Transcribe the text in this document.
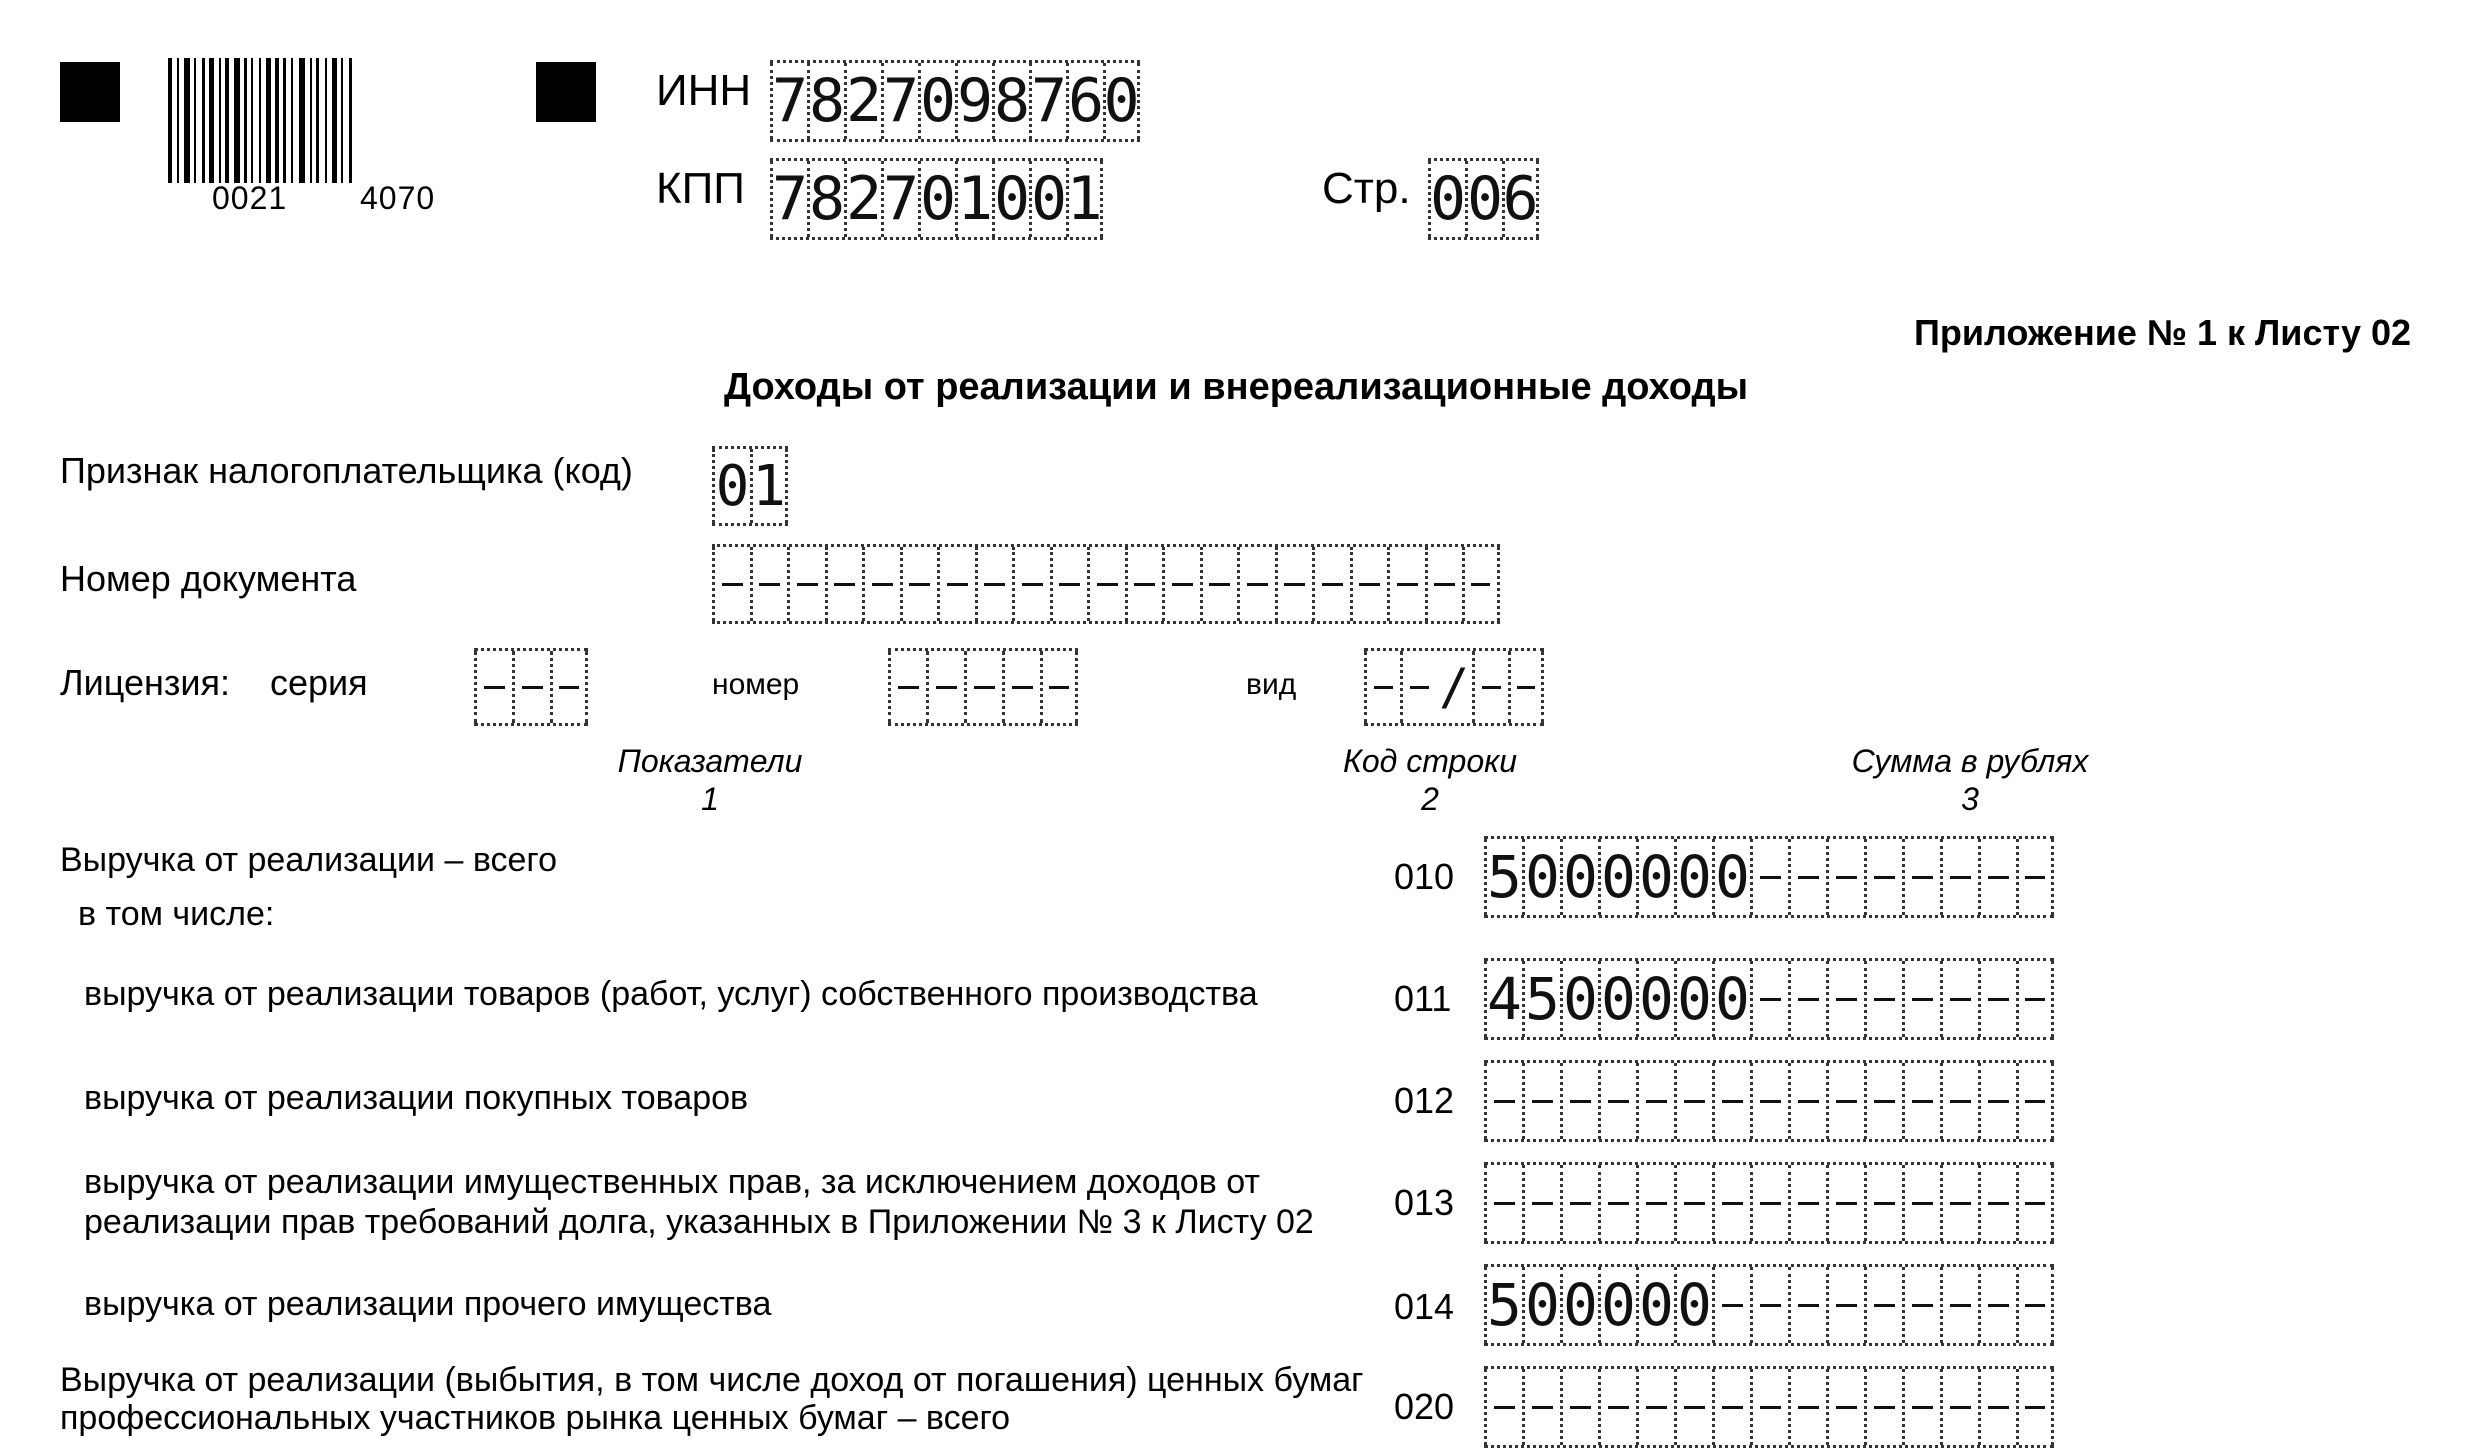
0021 4070
ИНН 7 8 2 7 0 9 8 7 6 0
КПП 7 8 2 7 0 1 0 0 1	Стр. 0 0 6
Приложение № 1 к Листу 02
Доходы от реализации и внереализационные доходы
Признак налогоплательщика (код) 0 1
Номер документа
Лицензия: серия	номер	вид	/
Показатели
1
Код строки
2
Сумма в рублях
3
Выручка от реализации – всего	010 5 0 0 0 0 0 0
в том числе:
выручка от реализации товаров (работ, услуг) собственного производства	011 4 5 0 0 0 0 0
выручка от реализации покупных товаров	012
выручка от реализации имущественных прав, за исключением доходов от
реализации прав требований долга, указанных в Приложении № 3 к Листу 02 013
выручка от реализации прочего имущества	014 5 0 0 0 0 0
Выручка от реализации (выбытия, в том числе доход от погашения) ценных бумаг
профессиональных участников рынка ценных бумаг – всего	020
